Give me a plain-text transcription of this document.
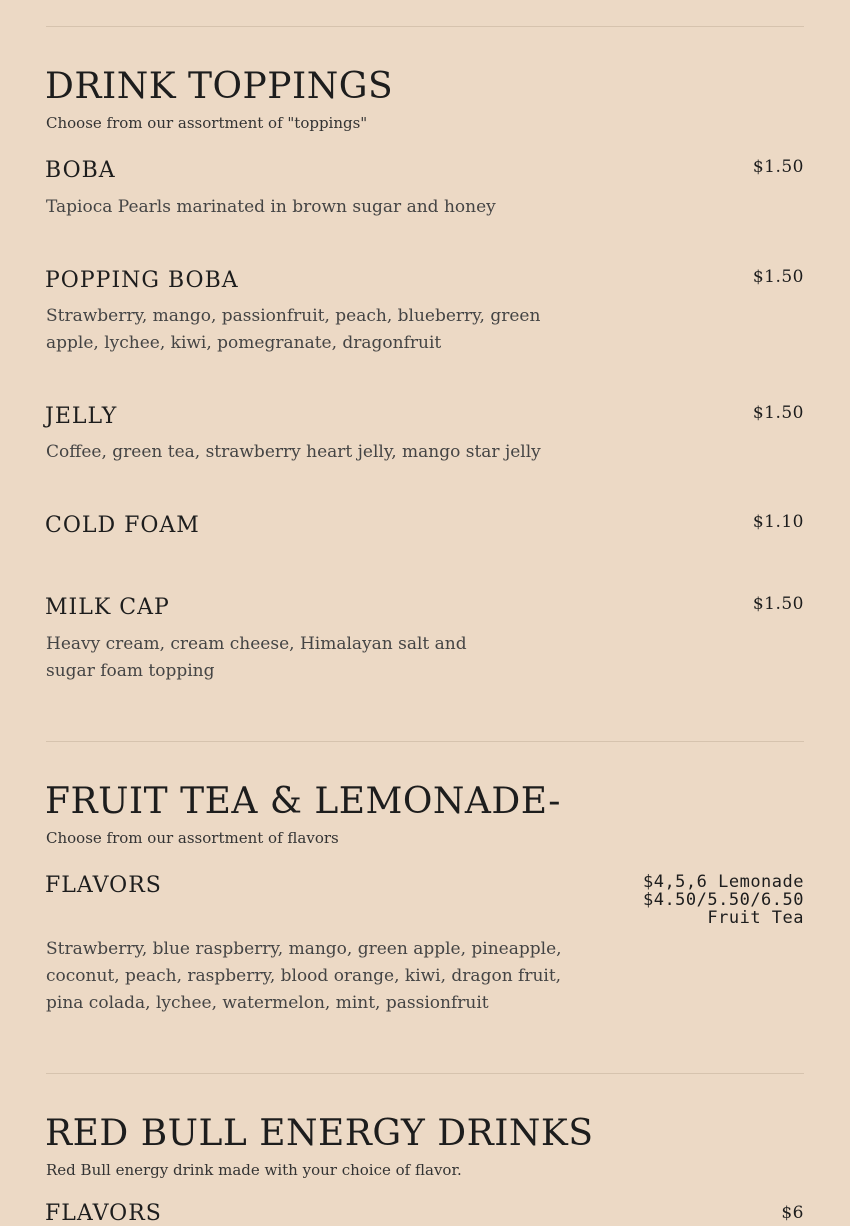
DRINK TOPPINGS

Choose from our assortment of "toppings"

BOBA	$1.50

Tapioca Pearls marinated in brown sugar and honey

POPPING BOBA	$1.50

Strawberry, mango, passionfruit, peach, blueberry, green apple, lychee, kiwi, pomegranate, dragonfruit

JELLY	$1.50

Coffee, green tea, strawberry heart jelly, mango star jelly

COLD FOAM	$1.10

MILK CAP	$1.50

Heavy cream, cream cheese, Himalayan salt and sugar foam topping

FRUIT TEA & LEMONADE-

Choose from our assortment of flavors

FLAVORS	$4,5,6 Lemonade
$4.50/5.50/6.50
Fruit Tea

Strawberry, blue raspberry, mango, green apple, pineapple, coconut, peach, raspberry, blood orange, kiwi, dragon fruit, pina colada, lychee, watermelon, mint, passionfruit

RED BULL ENERGY DRINKS

Red Bull energy drink made with your choice of flavor.

FLAVORS	$6
